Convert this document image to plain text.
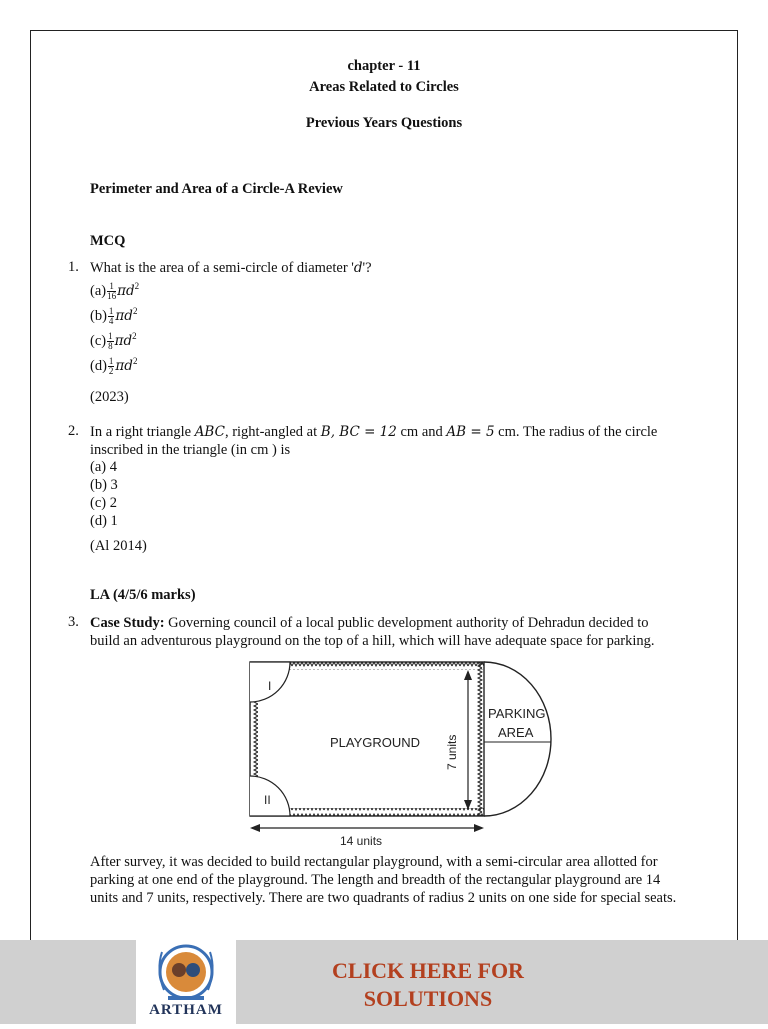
chapter - 11
Areas Related to Circles
Previous Years Questions
Perimeter and Area of a Circle-A Review
MCQ
1. What is the area of a semi-circle of diameter 'd'?
$(a) \frac{1}{16} \pi d^2$
$(b) \frac{1}{4} \pi d^2$
$(c) \frac{1}{8} \pi d^2$
$(d) \frac{1}{2} \pi d^2$
(2023)
2. In a right triangle ABC, right-angled at B, BC = 12 cm and AB = 5 cm. The radius of the circle
inscribed in the triangle (in cm ) is
(a) 4
(b) 3
(c) 2
(d) 1
(Al 2014)
LA (4/5/6 marks)
3. Case Study: Governing council of a local public development authority of Dehradun decided to
build an adventurous playground on the top of a hill, which will have adequate space for parking.
I
II
PLAYGROUND 7 units
PARKING
AREA
14 units
After survey, it was decided to build rectangular playground, with a semi-circular area allotted for
parking at one end of the playground. The length and breadth of the rectangular playground are 14
units and 7 units, respectively. There are two quadrants of radius 2 units on one side for special seats.
ARTHAM
CLICK HERE FOR
SOLUTIONS
